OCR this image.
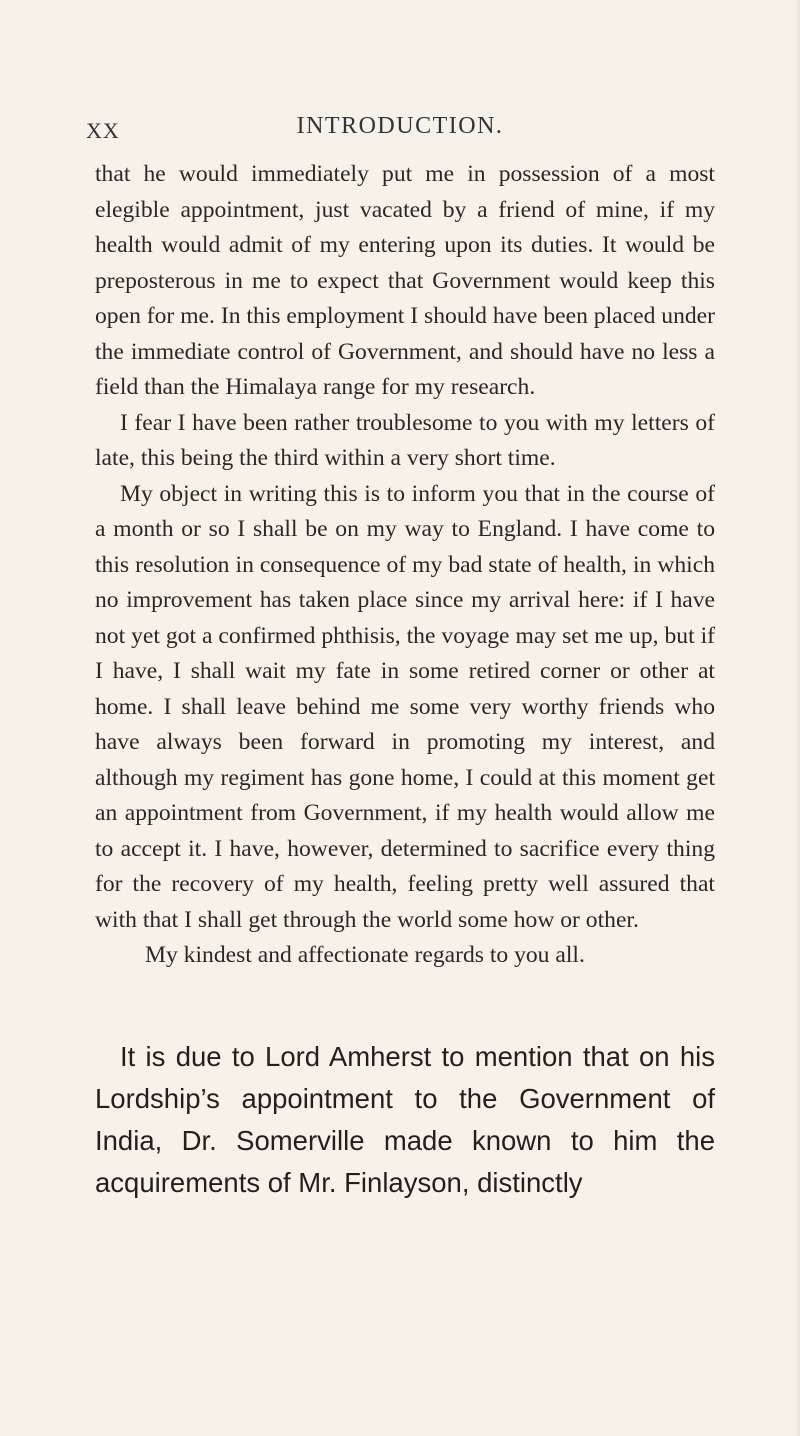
XX	INTRODUCTION.

that he would immediately put me in possession of a most elegible appointment, just vacated by a friend of mine, if my health would admit of my entering upon its duties. It would be preposterous in me to expect that Government would keep this open for me. In this employment I should have been placed under the immediate control of Government, and should have no less a field than the Himalaya range for my research.

I fear I have been rather troublesome to you with my letters of late, this being the third within a very short time.

My object in writing this is to inform you that in the course of a month or so I shall be on my way to England. I have come to this resolution in consequence of my bad state of health, in which no improvement has taken place since my arrival here: if I have not yet got a confirmed phthisis, the voyage may set me up, but if I have, I shall wait my fate in some retired corner or other at home. I shall leave behind me some very worthy friends who have always been forward in promoting my interest, and although my regiment has gone home, I could at this moment get an appointment from Government, if my health would allow me to accept it. I have, however, determined to sacrifice every thing for the recovery of my health, feeling pretty well assured that with that I shall get through the world some how or other.

My kindest and affectionate regards to you all.

It is due to Lord Amherst to mention that on his Lordship’s appointment to the Government of India, Dr. Somerville made known to him the acquirements of Mr. Finlayson, distinctly
